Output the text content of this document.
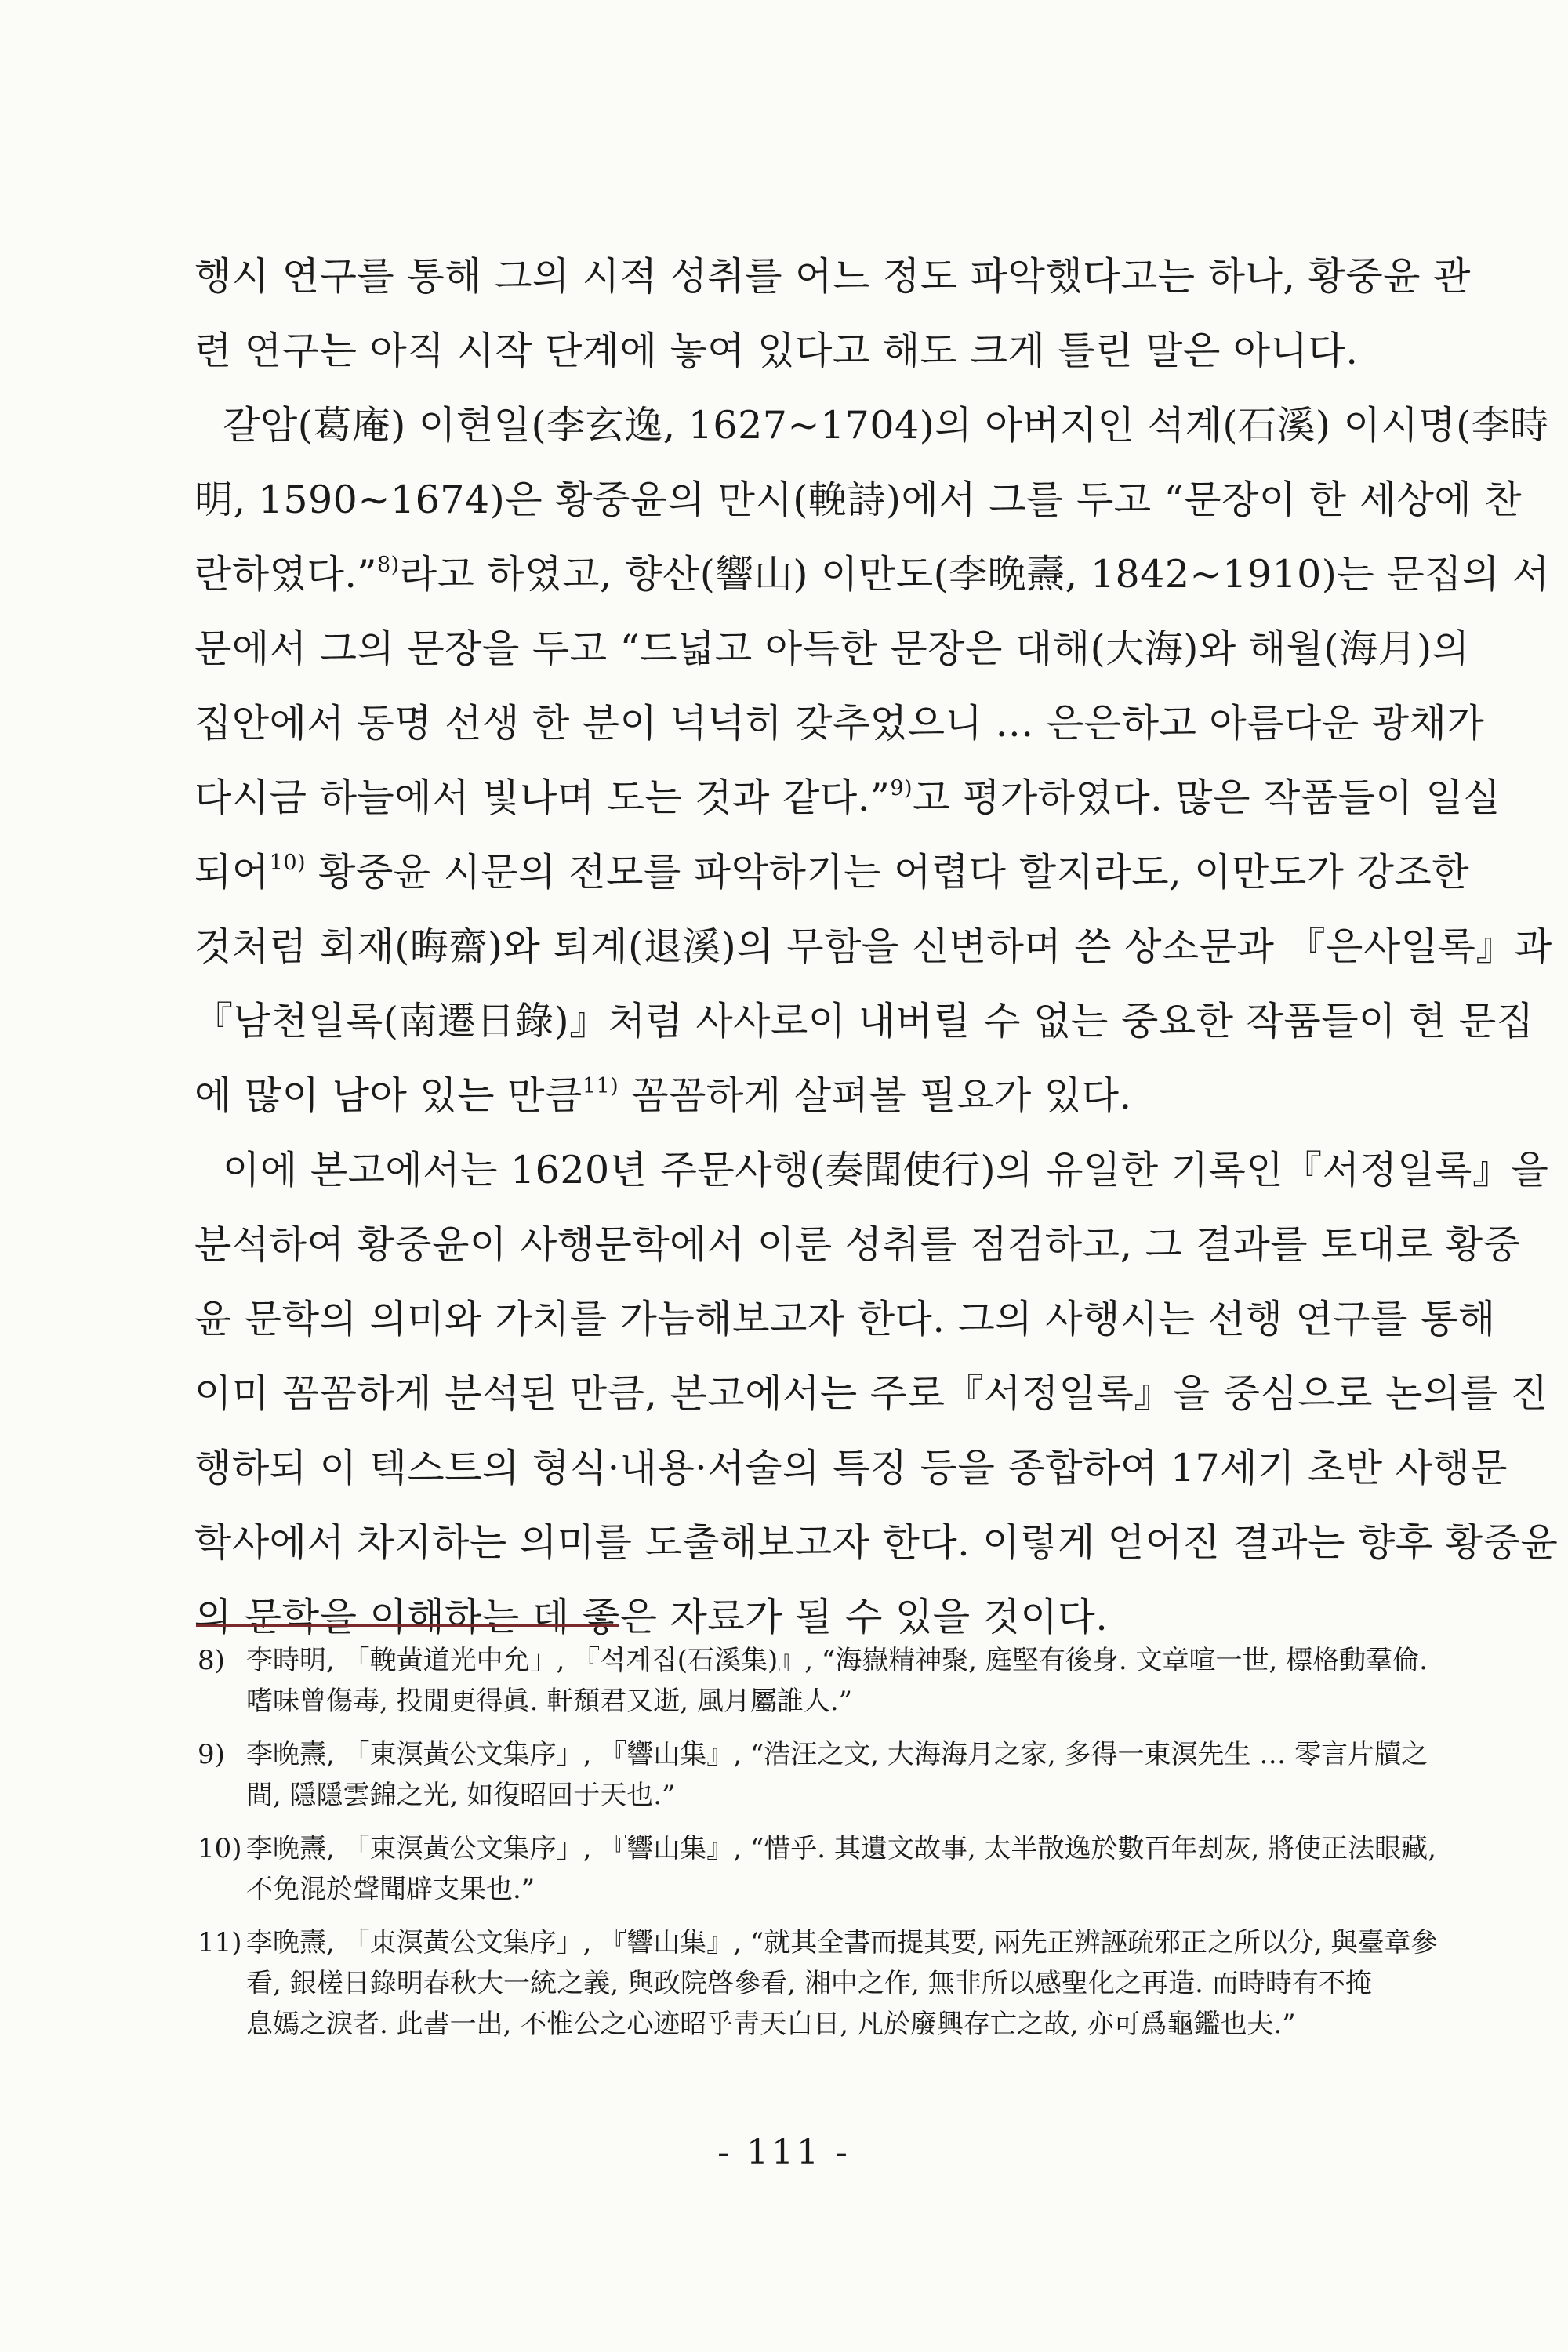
행시 연구를 통해 그의 시적 성취를 어느 정도 파악했다고는 하나, 황중윤 관
련 연구는 아직 시작 단계에 놓여 있다고 해도 크게 틀린 말은 아니다.
갈암(葛庵) 이현일(李玄逸, 1627~1704)의 아버지인 석계(石溪) 이시명(李時
明, 1590~1674)은 황중윤의 만시(輓詩)에서 그를 두고 “문장이 한 세상에 찬
란하였다.”$^{8)}$라고 하였고, 향산(響山) 이만도(李晩燾, 1842~1910)는 문집의 서
문에서 그의 문장을 두고 “드넓고 아득한 문장은 대해(大海)와 해월(海月)의
집안에서 동명 선생 한 분이 넉넉히 갖추었으니 … 은은하고 아름다운 광채가
다시금 하늘에서 빛나며 도는 것과 같다.”$^{9)}$고 평가하였다. 많은 작품들이 일실
되어$^{10)}$ 황중윤 시문의 전모를 파악하기는 어렵다 할지라도, 이만도가 강조한
것처럼 회재(晦齋)와 퇴계(退溪)의 무함을 신변하며 쓴 상소문과 『은사일록』과
『남천일록(南遷日錄)』처럼 사사로이 내버릴 수 없는 중요한 작품들이 현 문집
에 많이 남아 있는 만큼$^{11)}$ 꼼꼼하게 살펴볼 필요가 있다.
이에 본고에서는 1620년 주문사행(奏聞使行)의 유일한 기록인『서정일록』을
분석하여 황중윤이 사행문학에서 이룬 성취를 점검하고, 그 결과를 토대로 황중
윤 문학의 의미와 가치를 가늠해보고자 한다. 그의 사행시는 선행 연구를 통해
이미 꼼꼼하게 분석된 만큼, 본고에서는 주로『서정일록』을 중심으로 논의를 진
행하되 이 텍스트의 형식·내용·서술의 특징 등을 종합하여 17세기 초반 사행문
학사에서 차지하는 의미를 도출해보고자 한다. 이렇게 얻어진 결과는 향후 황중윤
의 문학을 이해하는 데 좋은 자료가 될 수 있을 것이다.
8) 李時明, 「輓黃道光中允」, 『석계집(石溪集)』, “海嶽精神聚, 庭堅有後身. 文章喧一世, 標格動羣倫.
嗜味曾傷毒, 投閒更得眞. 軒頹君又逝, 風月屬誰人.”
9) 李晩燾, 「東溟黃公文集序」, 『響山集』, “浩汪之文, 大海海月之家, 多得一東溟先生 … 零言片牘之
間, 隱隱雲錦之光, 如復昭回于天也.”
10) 李晩燾, 「東溟黃公文集序」, 『響山集』, “惜乎. 其遺文故事, 太半散逸於數百年刦灰, 將使正法眼藏,
不免混於聲聞辟支果也.”
11) 李晩燾, 「東溟黃公文集序」, 『響山集』, “就其全書而提其要, 兩先正辨誣疏邪正之所以分, 與臺章參
看, 銀槎日錄明春秋大一統之義, 與政院啓參看, 湘中之作, 無非所以感聖化之再造. 而時時有不掩
息嫣之淚者. 此書一出, 不惟公之心迹昭乎靑天白日, 凡於廢興存亡之故, 亦可爲龜鑑也夫.”
- 111 -
